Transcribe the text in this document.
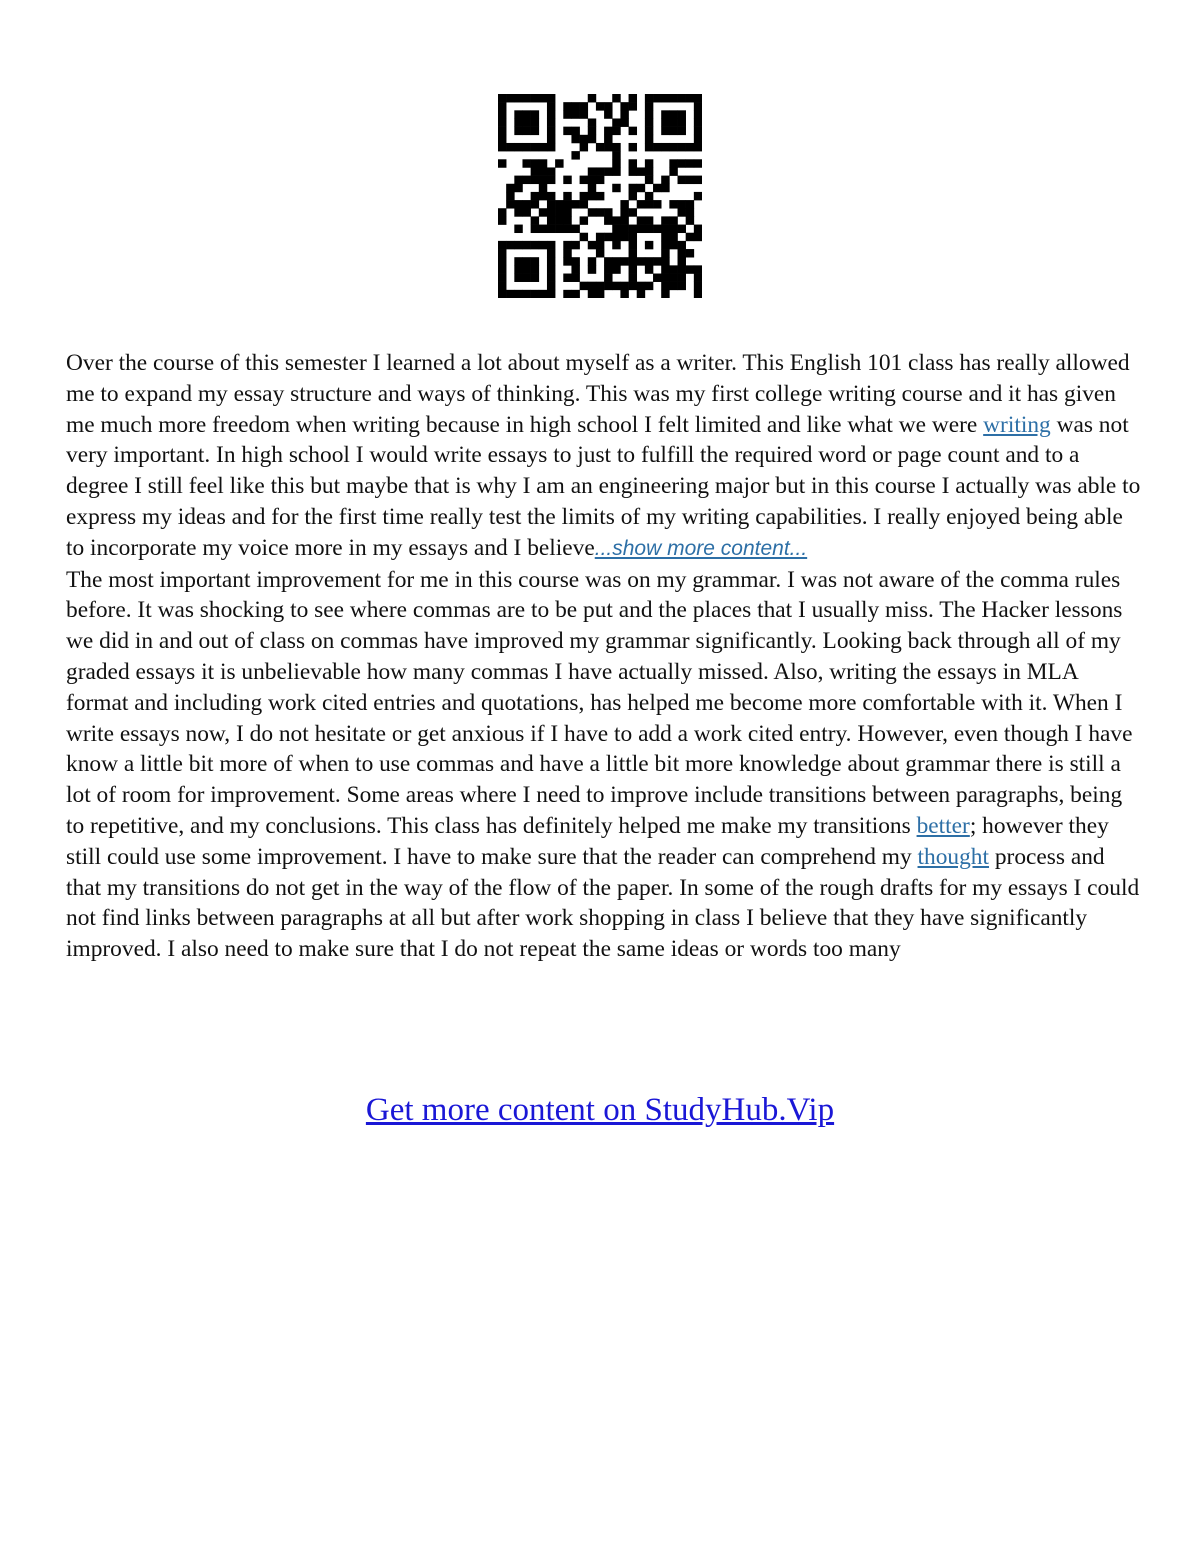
Over the course of this semester I learned a lot about myself as a writer. This English 101 class has really allowed me to expand my essay structure and ways of thinking. This was my first college writing course and it has given me much more freedom when writing because in high school I felt limited and like what we were writing was not very important. In high school I would write essays to just to fulfill the required word or page count and to a degree I still feel like this but maybe that is why I am an engineering major but in this course I actually was able to express my ideas and for the first time really test the limits of my writing capabilities. I really enjoyed being able to incorporate my voice more in my essays and I believe...show more content...

The most important improvement for me in this course was on my grammar. I was not aware of the comma rules before. It was shocking to see where commas are to be put and the places that I usually miss. The Hacker lessons we did in and out of class on commas have improved my grammar significantly. Looking back through all of my graded essays it is unbelievable how many commas I have actually missed. Also, writing the essays in MLA format and including work cited entries and quotations, has helped me become more comfortable with it. When I write essays now, I do not hesitate or get anxious if I have to add a work cited entry. However, even though I have know a little bit more of when to use commas and have a little bit more knowledge about grammar there is still a lot of room for improvement. Some areas where I need to improve include transitions between paragraphs, being to repetitive, and my conclusions. This class has definitely helped me make my transitions better; however they still could use some improvement. I have to make sure that the reader can comprehend my thought process and that my transitions do not get in the way of the flow of the paper. In some of the rough drafts for my essays I could not find links between paragraphs at all but after work shopping in class I believe that they have significantly improved. I also need to make sure that I do not repeat the same ideas or words too many

Get more content on StudyHub.Vip
